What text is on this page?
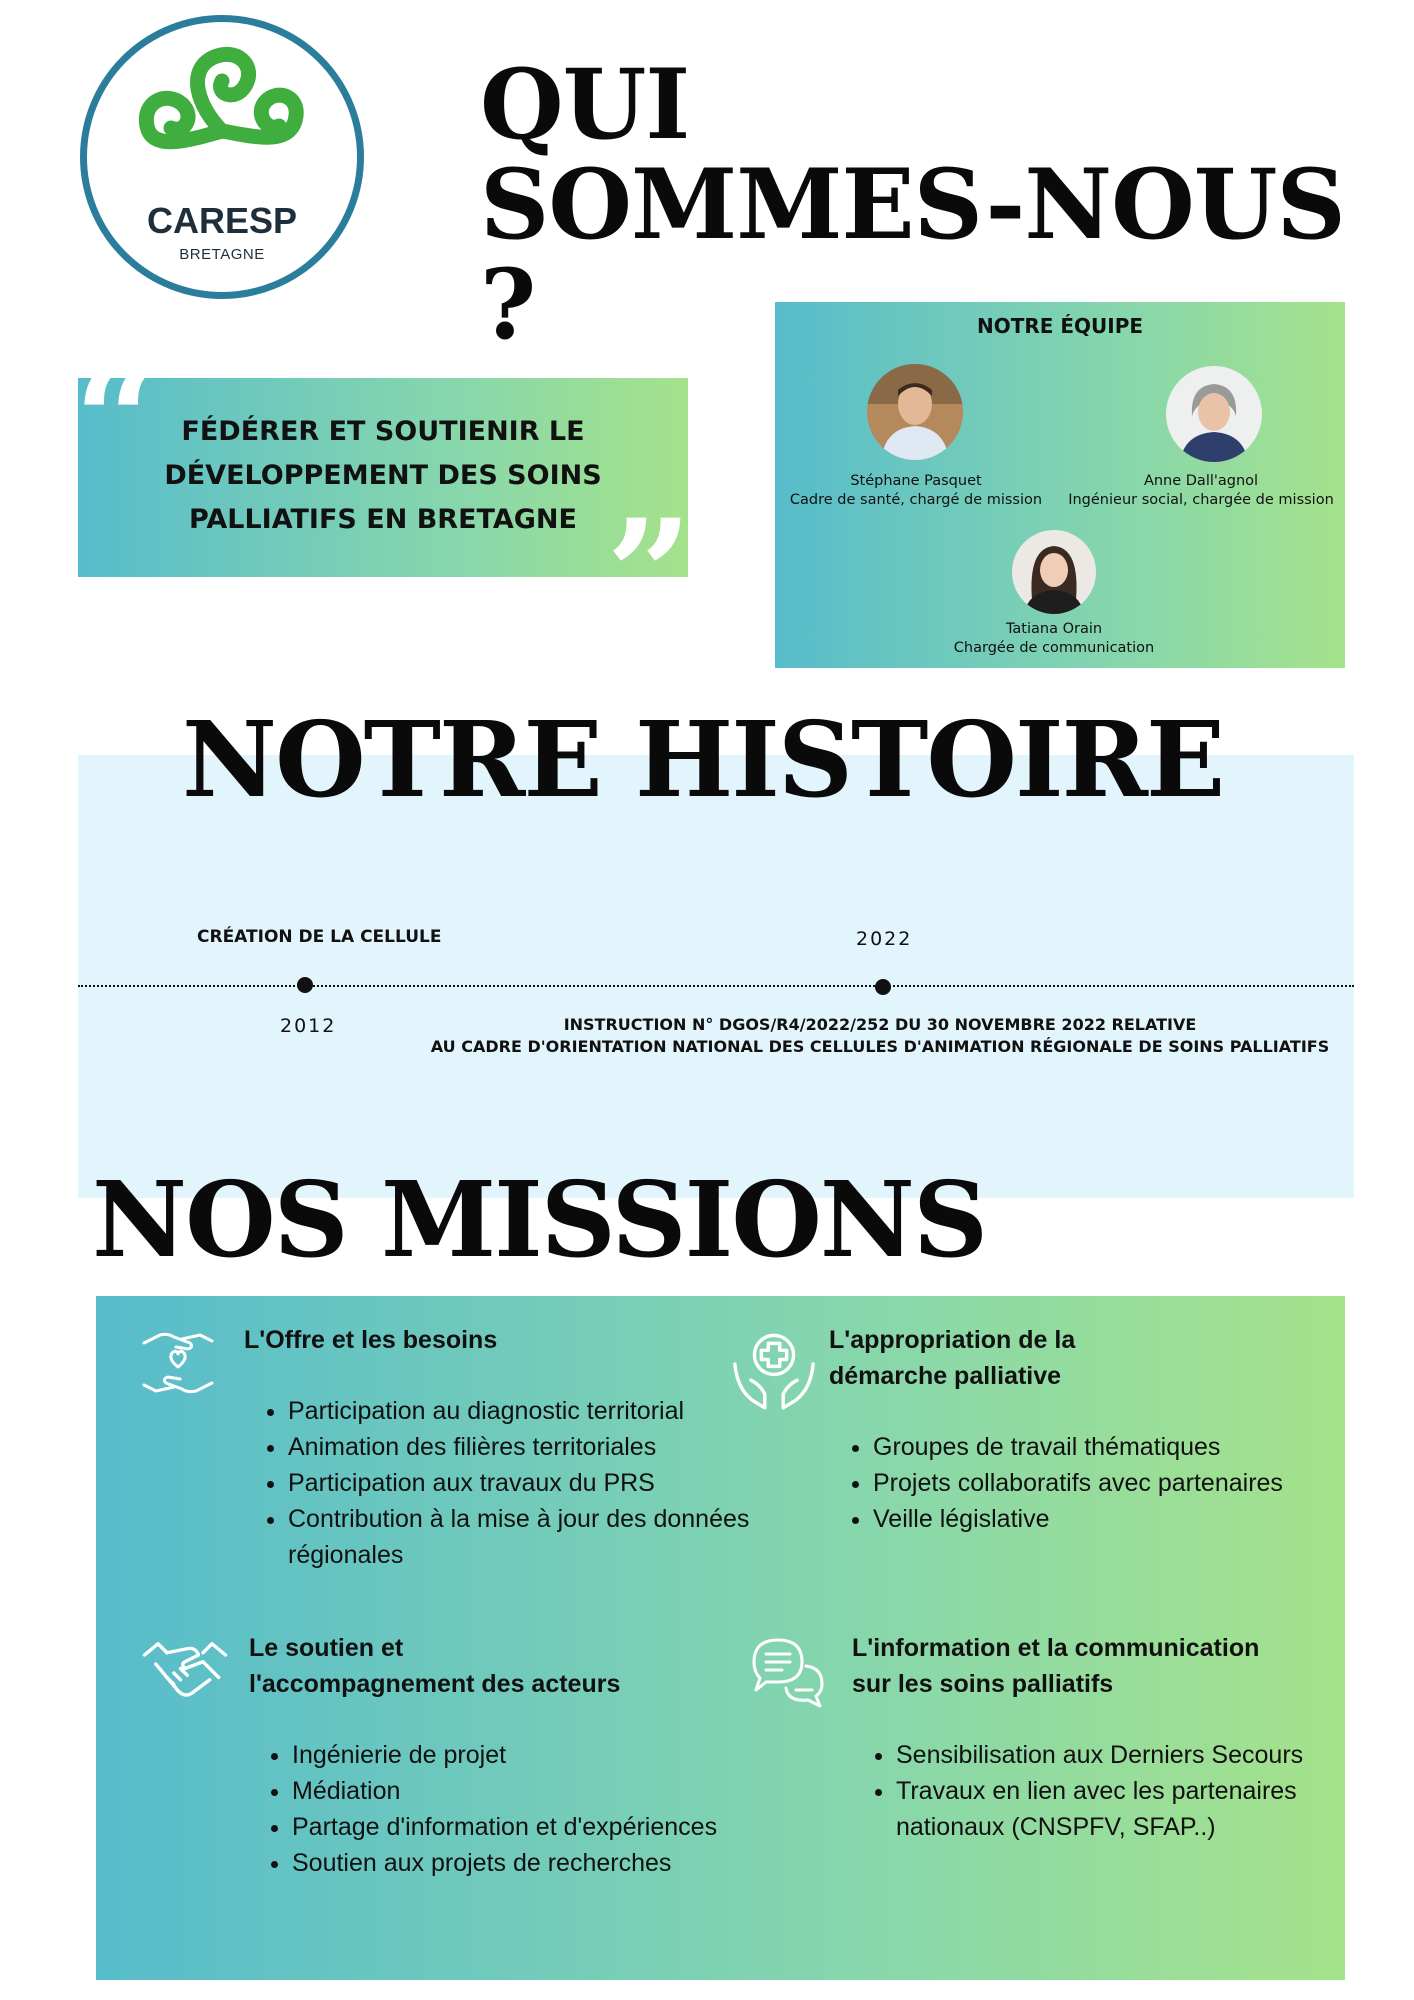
CARESP
BRETAGNE
QUI
SOMMES-NOUS ?
“
”
FÉDÉRER ET SOUTIENIR LE
DÉVELOPPEMENT DES SOINS
PALLIATIFS EN BRETAGNE
NOTRE ÉQUIPE
Stéphane Pasquet
Cadre de santé, chargé de mission
Anne Dall'agnol
Ingénieur social, chargée de mission
Tatiana Orain
Chargée de communication
NOTRE HISTOIRE
CRÉATION DE LA CELLULE	2022
2012	INSTRUCTION N° DGOS/R4/2022/252 DU 30 NOVEMBRE 2022 RELATIVE
AU CADRE D'ORIENTATION NATIONAL DES CELLULES D'ANIMATION RÉGIONALE DE SOINS PALLIATIFS
NOS MISSIONS
L'Offre et les besoins
• Participation au diagnostic territorial
• Animation des filières territoriales
• Participation aux travaux du PRS
• Contribution à la mise à jour des données régionales
L'appropriation de la
démarche palliative
• Groupes de travail thématiques
• Projets collaboratifs avec partenaires
• Veille législative
Le soutien et
l'accompagnement des acteurs
• Ingénierie de projet
• Médiation
• Partage d'information et d'expériences
• Soutien aux projets de recherches
L'information et la communication
sur les soins palliatifs
• Sensibilisation aux Derniers Secours
• Travaux en lien avec les partenaires nationaux (CNSPFV, SFAP..)
